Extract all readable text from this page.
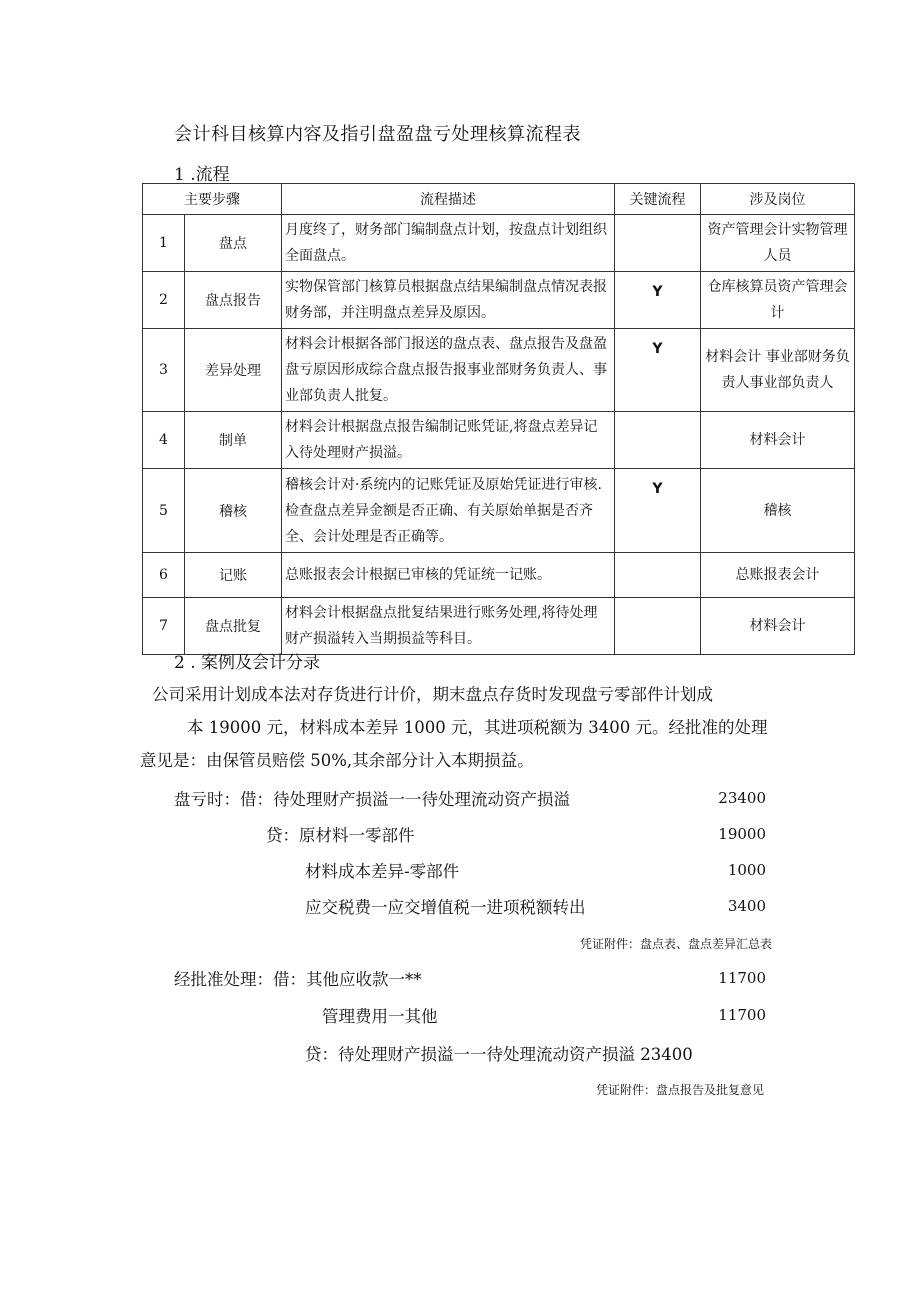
会计科目核算内容及指引盘盈盘亏处理核算流程表
1 .流程
主要步骤		流程描述	关键流程	涉及岗位
1	盘点	月度终了，财务部门编制盘点计划，按盘点计划组织全面盘点。		资产管理会计实物管理人员
2	盘点报告	实物保管部门核算员根据盘点结果编制盘点情况表报财务部，并注明盘点差异及原因。	Y	仓库核算员资产管理会计
3	差异处理	材料会计根据各部门报送的盘点表、盘点报告及盘盈盘亏原因形成综合盘点报告报事业部财务负责人、事业部负责人批复。	Y	材料会计 事业部财务负责人事业部负责人
4	制单	材料会计根据盘点报告编制记账凭证,将盘点差异记入待处理财产损溢。		材料会计
5	稽核	稽核会计对·系统内的记账凭证及原始凭证进行审核. 检查盘点差异金额是否正确、有关原始单据是否齐全、会计处理是否正确等。	Y	稽核
6	记账	总账报表会计根据已审核的凭证统一记账。		总账报表会计
7	盘点批复	材料会计根据盘点批复结果进行账务处理,将待处理财产损溢转入当期损益等科目。		材料会计
2 . 案例及会计分录
公司采用计划成本法对存货进行计价，期末盘点存货时发现盘亏零部件计划成
本 19000 元，材料成本差异 1000 元，其进项税额为 3400 元。经批准的处理
意见是：由保管员赔偿 50%,其余部分计入本期损益。
盘亏时：借：待处理财产损溢一一待处理流动资产损溢	23400
贷：原材料一零部件	19000
材料成本差异-零部件	1000
应交税费一应交增值税一进项税额转出	3400
凭证附件：盘点表、盘点差异汇总表
经批准处理：借：其他应收款一**	11700
管理费用一其他	11700
贷：待处理财产损溢一一待处理流动资产损溢 23400
凭证附件：盘点报告及批复意见
